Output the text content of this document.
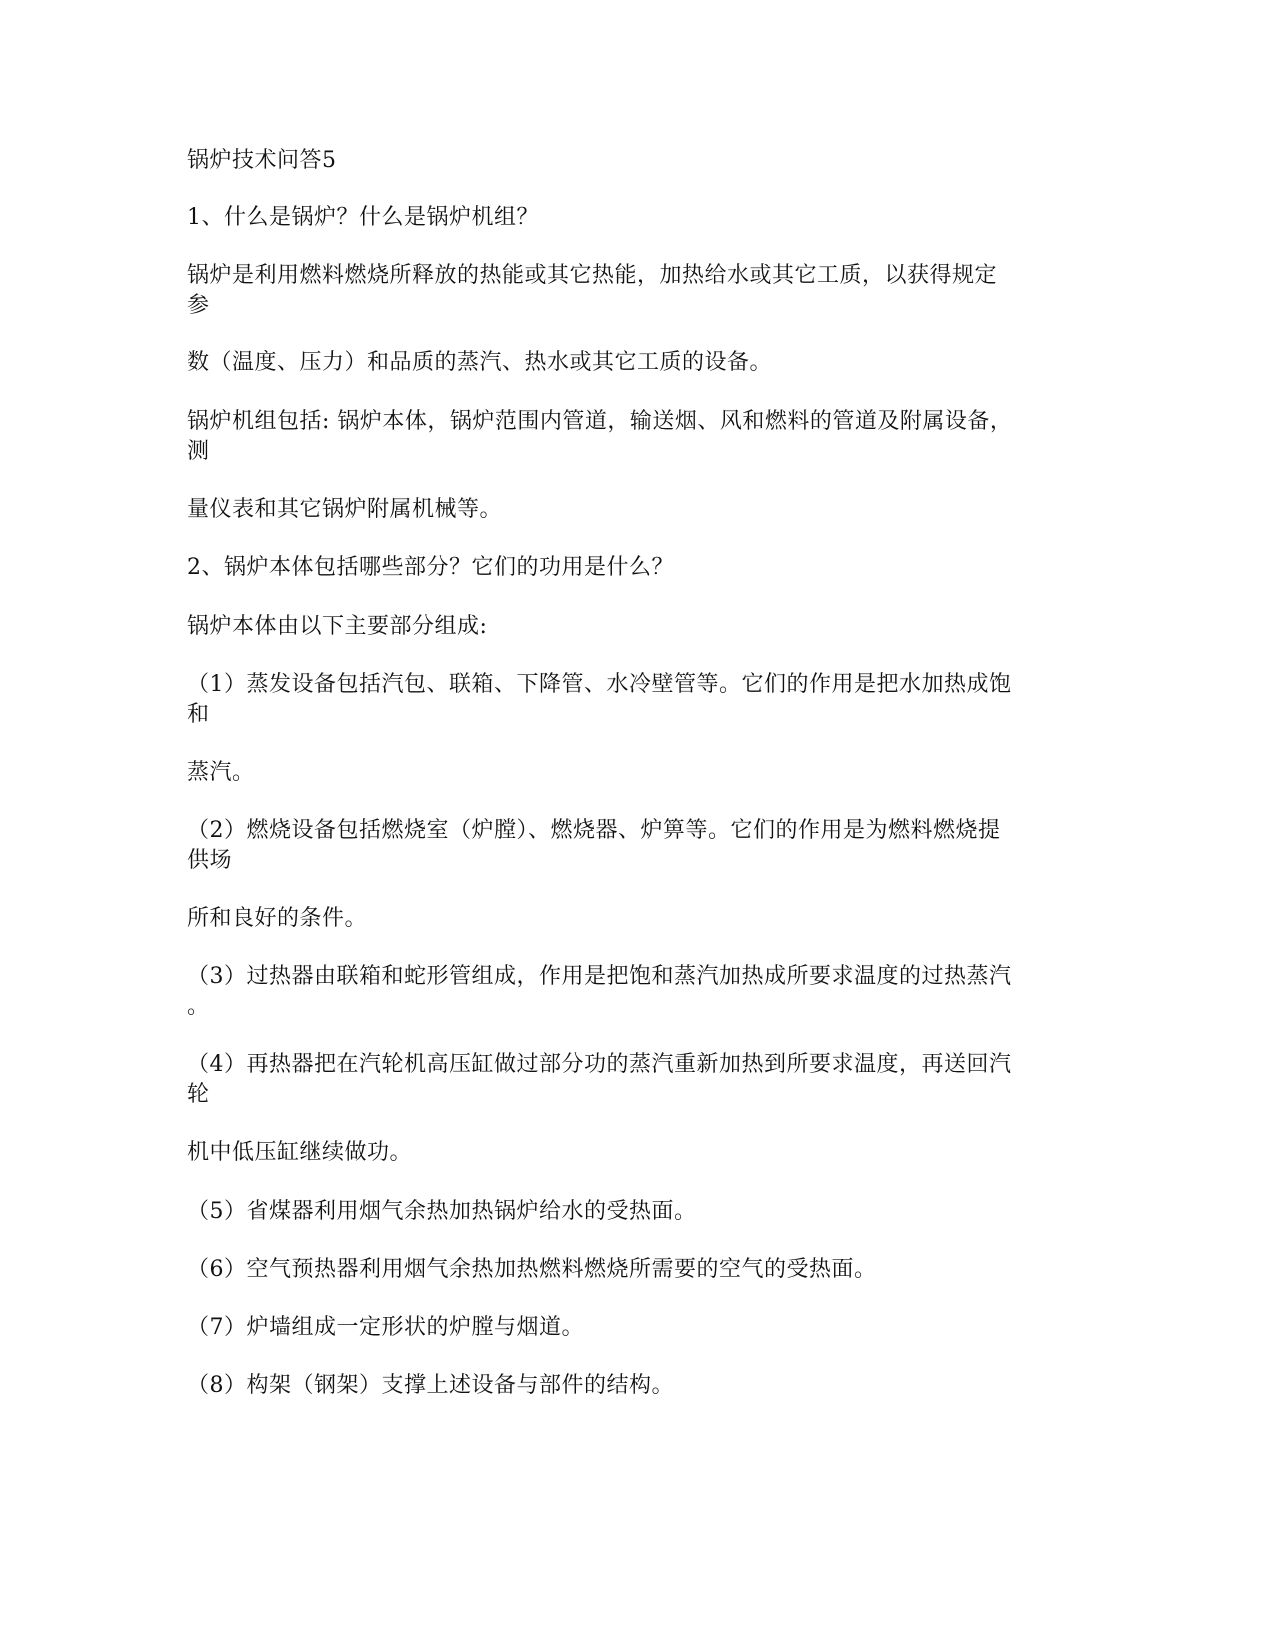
锅炉技术问答5
1、什么是锅炉？什么是锅炉机组？
锅炉是利用燃料燃烧所释放的热能或其它热能，加热给水或其它工质，以获得规定
参
数（温度、压力）和品质的蒸汽、热水或其它工质的设备。
锅炉机组包括: 锅炉本体，锅炉范围内管道，输送烟、风和燃料的管道及附属设备，
测
量仪表和其它锅炉附属机械等。
2、锅炉本体包括哪些部分？它们的功用是什么？
锅炉本体由以下主要部分组成:
（1）蒸发设备包括汽包、联箱、下降管、水冷壁管等。它们的作用是把水加热成饱
和
蒸汽。
（2）燃烧设备包括燃烧室（炉膛）、燃烧器、炉箅等。它们的作用是为燃料燃烧提
供场
所和良好的条件。
（3）过热器由联箱和蛇形管组成，作用是把饱和蒸汽加热成所要求温度的过热蒸汽
。
（4）再热器把在汽轮机高压缸做过部分功的蒸汽重新加热到所要求温度，再送回汽
轮
机中低压缸继续做功。
（5）省煤器利用烟气余热加热锅炉给水的受热面。
（6）空气预热器利用烟气余热加热燃料燃烧所需要的空气的受热面。
（7）炉墙组成一定形状的炉膛与烟道。
（8）构架（钢架）支撑上述设备与部件的结构。
